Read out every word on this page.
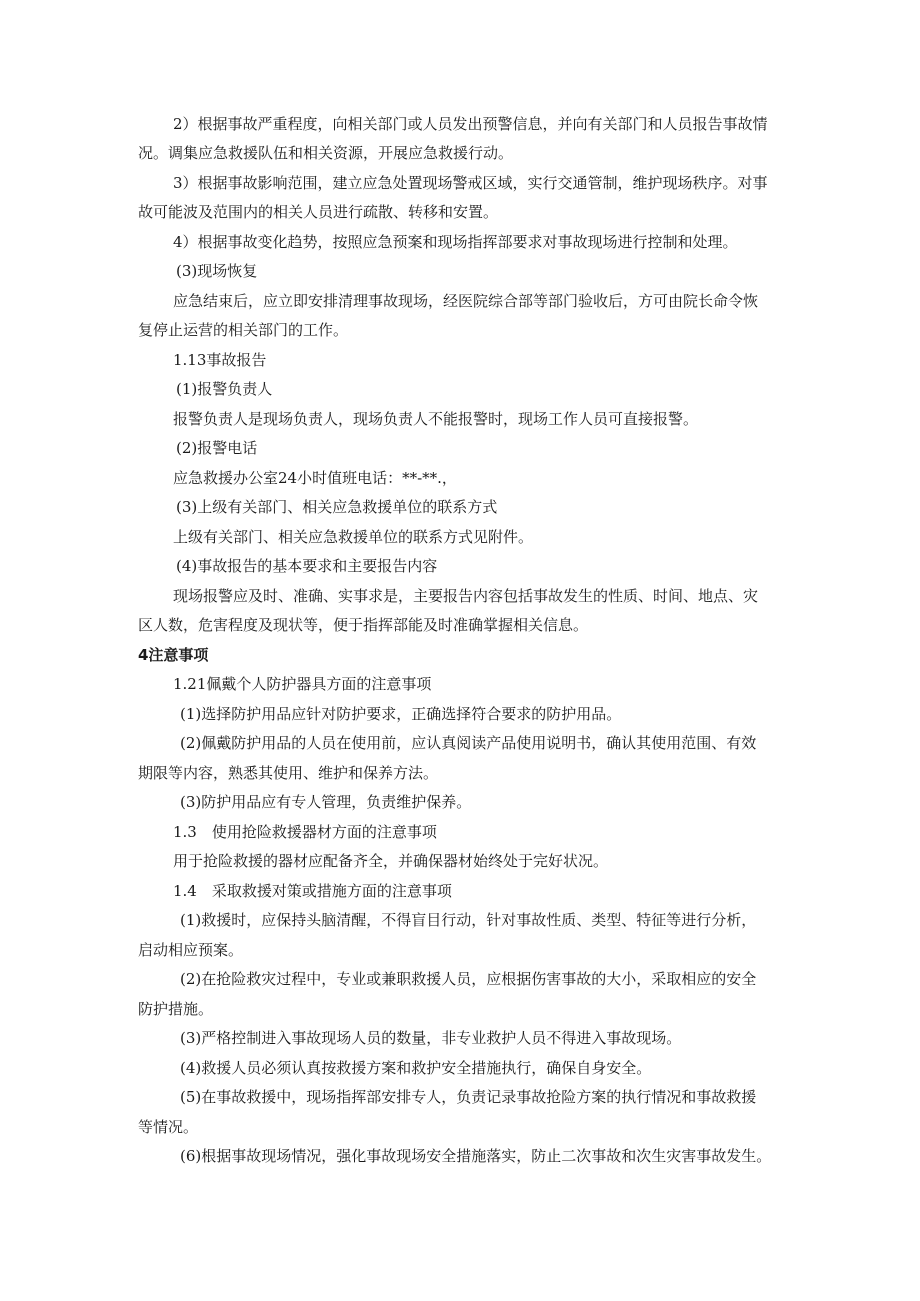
2）根据事故严重程度，向相关部门或人员发出预警信息，并向有关部门和人员报告事故情
况。调集应急救援队伍和相关资源，开展应急救援行动。
3）根据事故影响范围，建立应急处置现场警戒区域，实行交通管制，维护现场秩序。对事
故可能波及范围内的相关人员进行疏散、转移和安置。
4）根据事故变化趋势，按照应急预案和现场指挥部要求对事故现场进行控制和处理。
(3)现场恢复
应急结束后，应立即安排清理事故现场，经医院综合部等部门验收后，方可由院长命令恢
复停止运营的相关部门的工作。
1.13事故报告
(1)报警负责人
报警负责人是现场负责人，现场负责人不能报警时，现场工作人员可直接报警。
(2)报警电话
应急救援办公室24小时值班电话：**-**.，
(3)上级有关部门、相关应急救援单位的联系方式
上级有关部门、相关应急救援单位的联系方式见附件。
(4)事故报告的基本要求和主要报告内容
现场报警应及时、准确、实事求是，主要报告内容包括事故发生的性质、时间、地点、灾
区人数，危害程度及现状等，便于指挥部能及时准确掌握相关信息。
4注意事项
1.21佩戴个人防护器具方面的注意事项
(1)选择防护用品应针对防护要求，正确选择符合要求的防护用品。
(2)佩戴防护用品的人员在使用前，应认真阅读产品使用说明书，确认其使用范围、有效
期限等内容，熟悉其使用、维护和保养方法。
(3)防护用品应有专人管理，负责维护保养。
1.3　使用抢险救援器材方面的注意事项
用于抢险救援的器材应配备齐全，并确保器材始终处于完好状况。
1.4　采取救援对策或措施方面的注意事项
(1)救援时，应保持头脑清醒，不得盲目行动，针对事故性质、类型、特征等进行分析，
启动相应预案。
(2)在抢险救灾过程中，专业或兼职救援人员，应根据伤害事故的大小，采取相应的安全
防护措施。
(3)严格控制进入事故现场人员的数量，非专业救护人员不得进入事故现场。
(4)救援人员必须认真按救援方案和救护安全措施执行，确保自身安全。
(5)在事故救援中，现场指挥部安排专人，负责记录事故抢险方案的执行情况和事故救援
等情况。
(6)根据事故现场情况，强化事故现场安全措施落实，防止二次事故和次生灾害事故发生。
